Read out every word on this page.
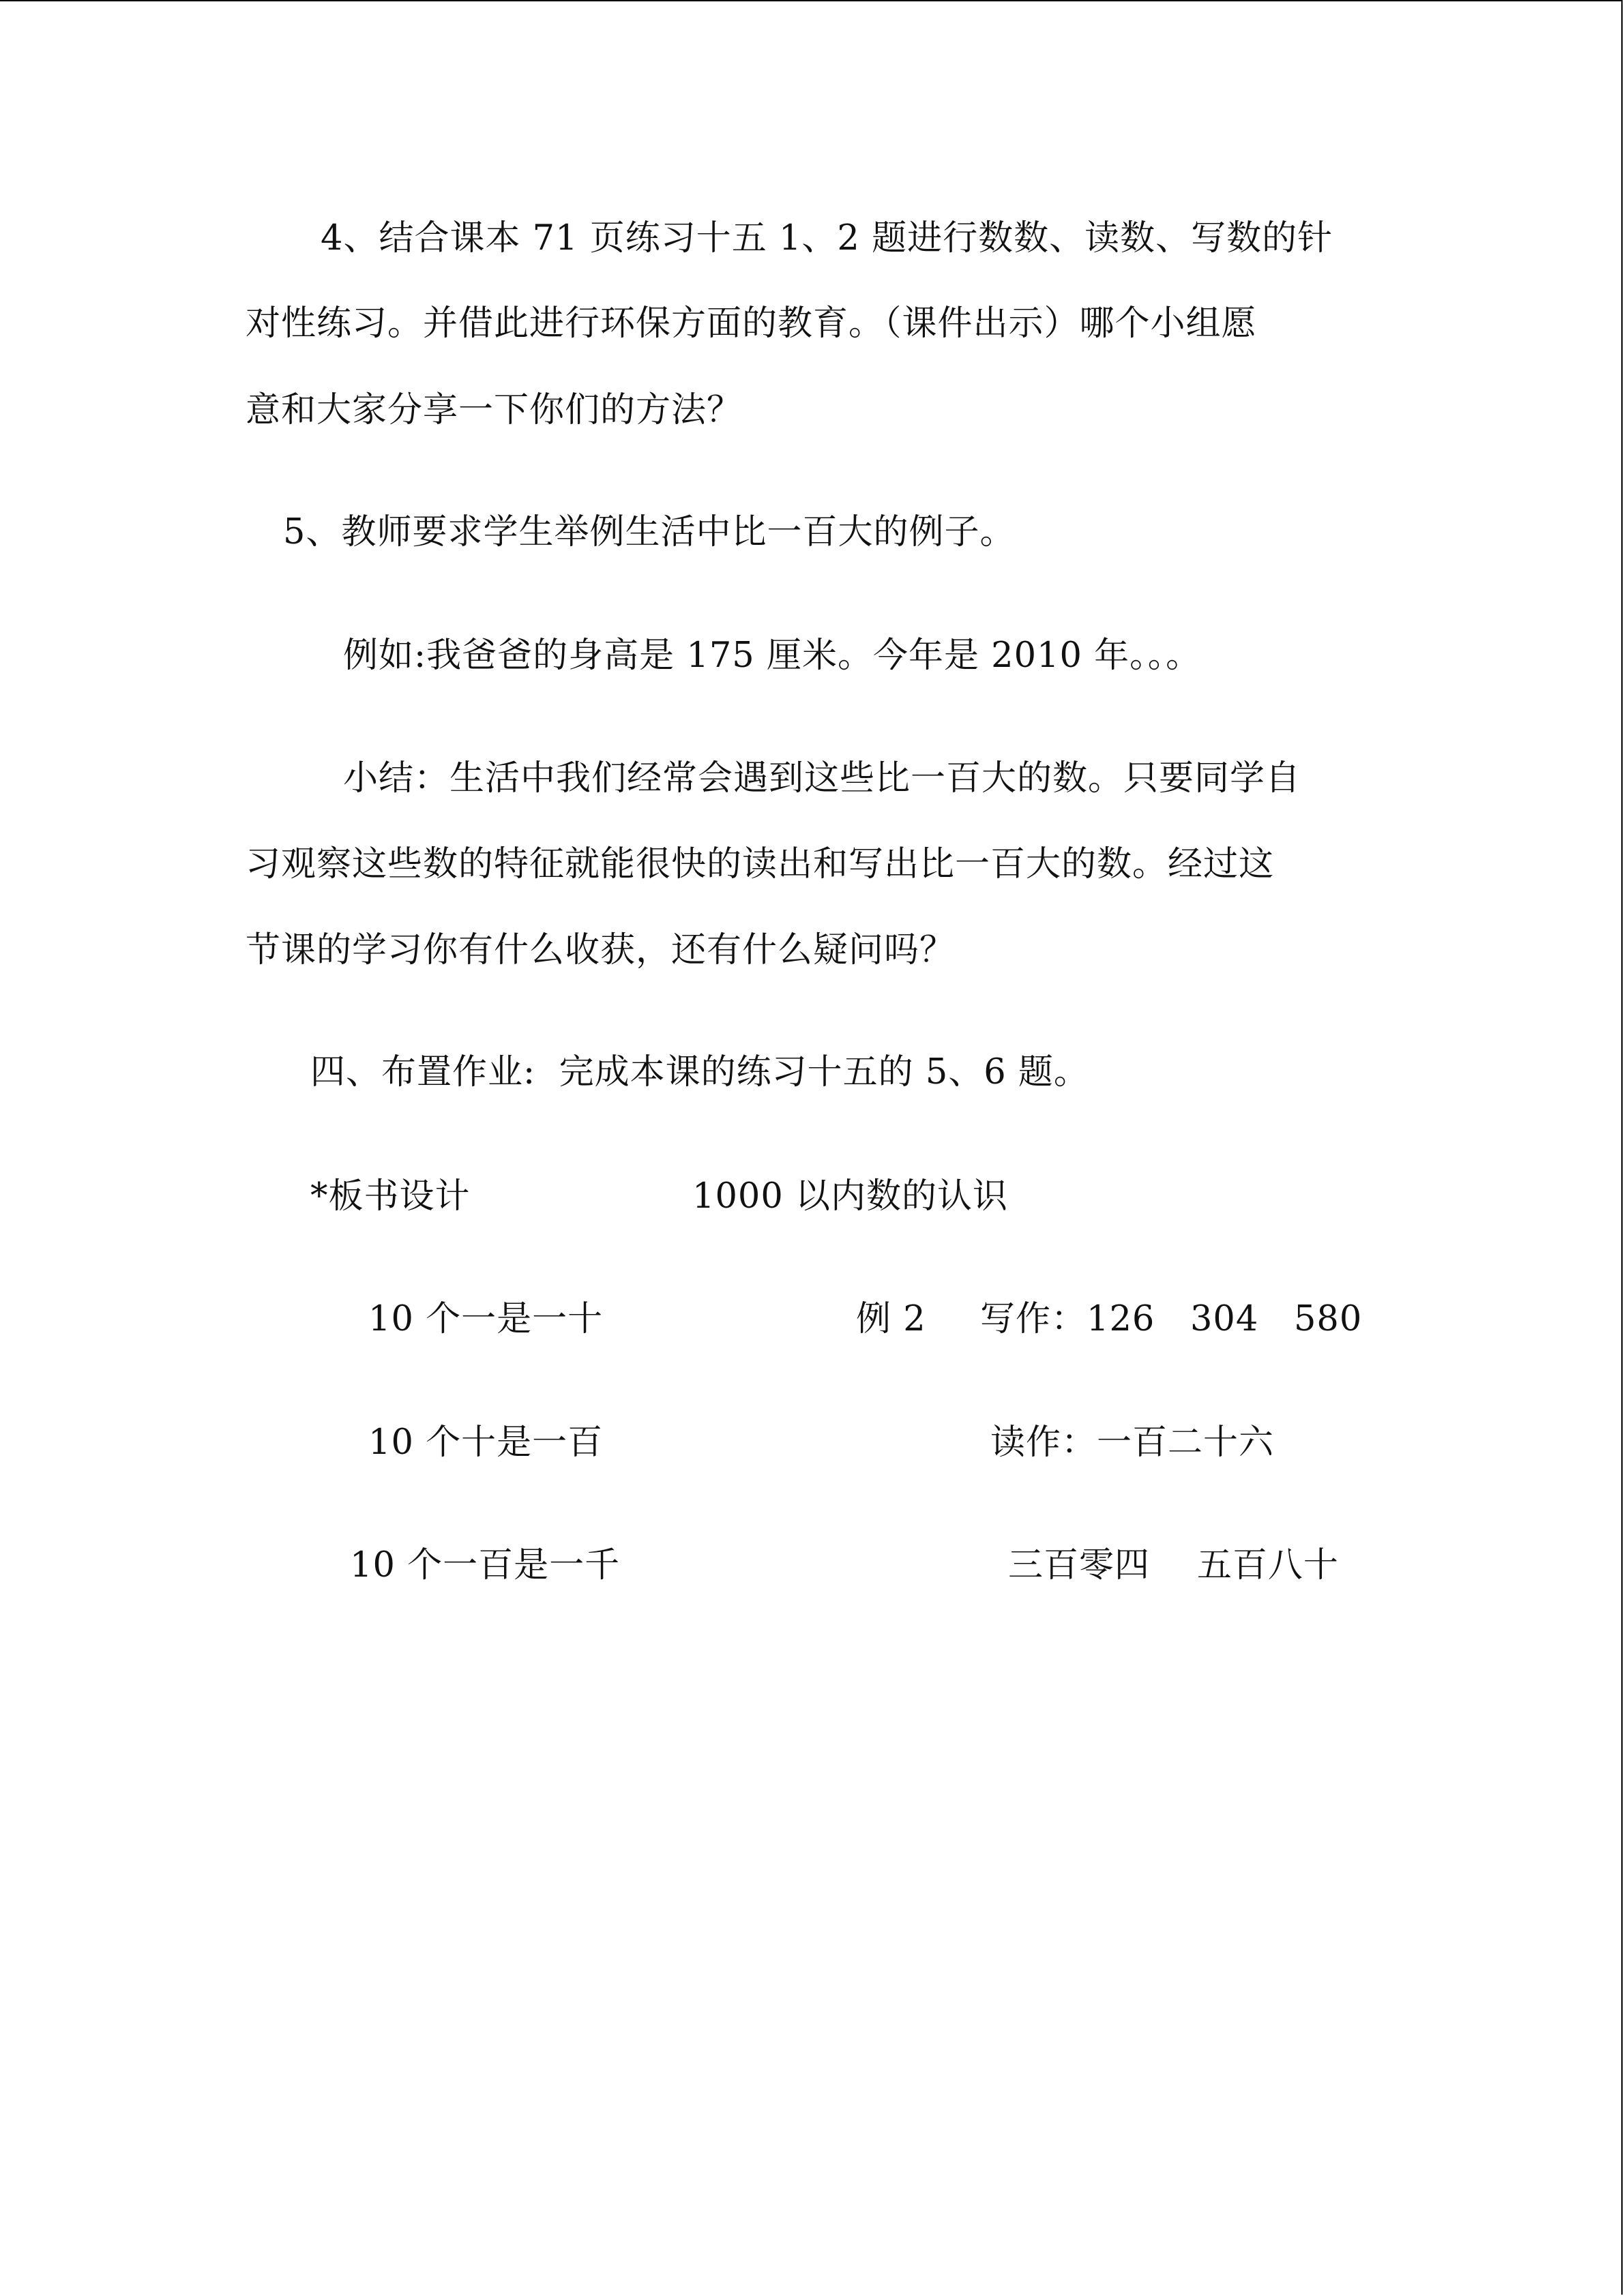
4、结合课本 71 页练习十五 1、2 题进行数数、读数、写数的针
对性练习。并借此进行环保方面的教育。（课件出示）哪个小组愿
意和大家分享一下你们的方法？
5、教师要求学生举例生活中比一百大的例子。
例如:我爸爸的身高是 175 厘米。今年是 2010 年。。。
小结：生活中我们经常会遇到这些比一百大的数。只要同学自
习观察这些数的特征就能很快的读出和写出比一百大的数。经过这
节课的学习你有什么收获，还有什么疑问吗？
四、布置作业:  完成本课的练习十五的 5、6 题。
*板书设计	1000 以内数的认识
10 个一是一十	例 2 写作：126   304   580
10 个十是一百	读作：一百二十六
10 个一百是一千	三百零四    五百八十
